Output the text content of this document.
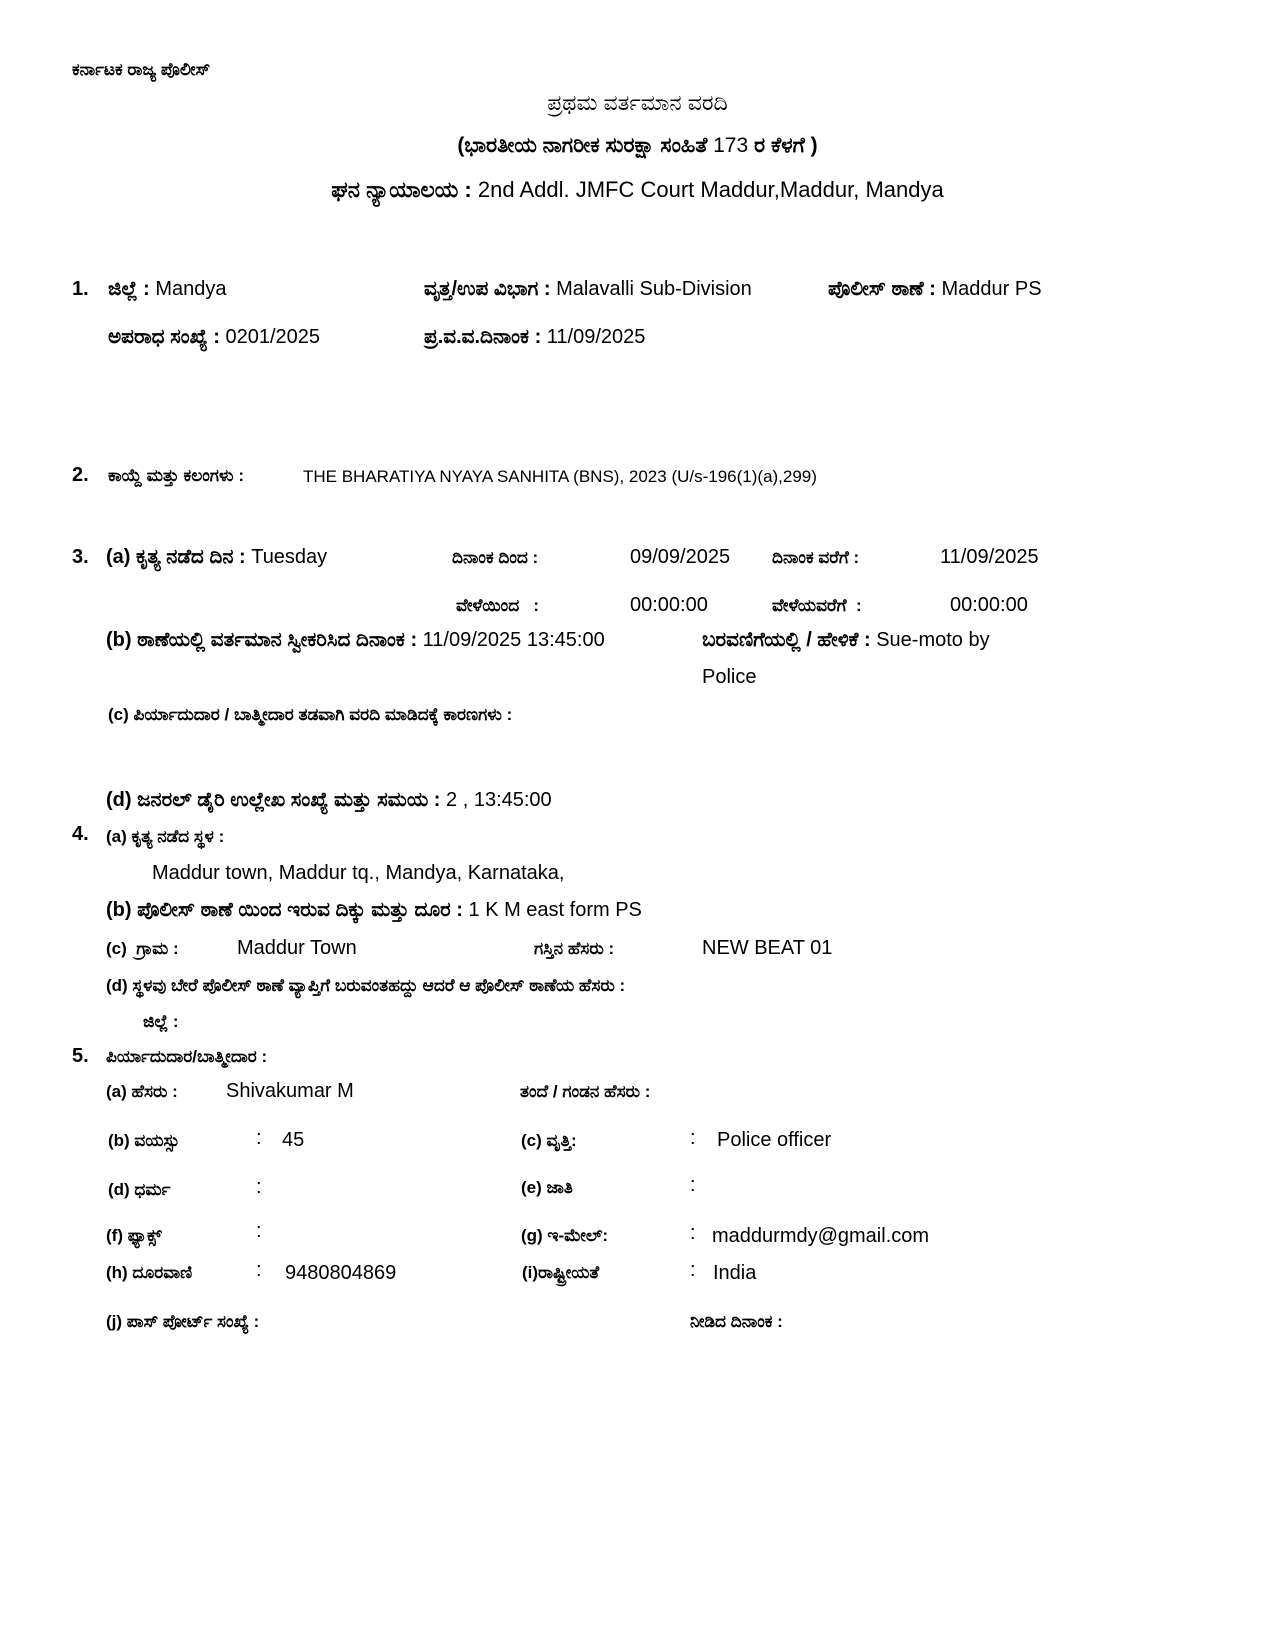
ಕರ್ನಾಟಕ ರಾಜ್ಯ ಪೊಲೀಸ್
ಪ್ರಥಮ ವರ್ತಮಾನ ವರದಿ
(ಭಾರತೀಯ ನಾಗರೀಕ ಸುರಕ್ಷಾ ಸಂಹಿತೆ 173 ರ ಕೆಳಗೆ )
ಘನ ನ್ಯಾಯಾಲಯ : 2nd Addl. JMFC Court Maddur,Maddur, Mandya
1. ಜಿಲ್ಲೆ : Mandya	ವೃತ್ತ/ಉಪ ವಿಭಾಗ : Malavalli Sub-Division	ಪೊಲೀಸ್ ಠಾಣೆ : Maddur PS
ಅಪರಾಧ ಸಂಖ್ಯೆ : 0201/2025	ಪ್ರ.ವ.ವ.ದಿನಾಂಕ : 11/09/2025
2. ಕಾಯ್ದೆ ಮತ್ತು ಕಲಂಗಳು :	THE BHARATIYA NYAYA SANHITA (BNS), 2023 (U/s-196(1)(a),299)
3. (a) ಕೃತ್ಯ ನಡೆದ ದಿನ : Tuesday	ದಿನಾಂಕ ದಿಂದ :	09/09/2025 ದಿನಾಂಕ ವರೆಗೆ :	11/09/2025
ವೇಳೆಯಿಂದ   :	00:00:00	ವೇಳೆಯವರೆಗೆ  :	00:00:00
(b) ಠಾಣೆಯಲ್ಲಿ ವರ್ತಮಾನ ಸ್ವೀಕರಿಸಿದ ದಿನಾಂಕ : 11/09/2025 13:45:00	ಬರವಣಿಗೆಯಲ್ಲಿ / ಹೇಳಿಕೆ : Sue-moto by
Police
(c) ಪಿರ್ಯಾದುದಾರ / ಬಾತ್ಮೀದಾರ ತಡವಾಗಿ ವರದಿ ಮಾಡಿದಕ್ಕೆ ಕಾರಣಗಳು :
(d) ಜನರಲ್ ಡೈರಿ ಉಲ್ಲೇಖ ಸಂಖ್ಯೆ ಮತ್ತು ಸಮಯ : 2 , 13:45:00
4. (a) ಕೃತ್ಯ ನಡೆದ ಸ್ಥಳ :
Maddur town, Maddur tq., Mandya, Karnataka,
(b) ಪೊಲೀಸ್ ಠಾಣೆ ಯಿಂದ ಇರುವ ದಿಕ್ಕು ಮತ್ತು ದೂರ : 1 K M east form PS
(c)  ಗ್ರಾಮ :	Maddur Town	ಗಸ್ತಿನ ಹೆಸರು :	NEW BEAT 01
(d) ಸ್ಥಳವು ಬೇರೆ ಪೊಲೀಸ್ ಠಾಣೆ ವ್ಯಾಪ್ತಿಗೆ ಬರುವಂತಹದ್ದು ಆದರೆ ಆ ಪೊಲೀಸ್ ಠಾಣೆಯ ಹೆಸರು :
ಜಿಲ್ಲೆ :
5. ಪಿರ್ಯಾದುದಾರ/ಬಾತ್ಮೀದಾರ :
(a) ಹೆಸರು : Shivakumar M	ತಂದೆ / ಗಂಡನ ಹೆಸರು :
(b) ವಯಸ್ಸು	: 45	(c) ವೃತ್ತಿ:	: Police officer
(d) ಧರ್ಮ	:	(e) ಜಾತಿ	:
(f) ಫ್ಯಾಕ್ಸ್	:	(g) ಇ-ಮೇಲ್:	: maddurmdy@gmail.com
(h) ದೂರವಾಣಿ	: 9480804869	(i)ರಾಷ್ಟ್ರೀಯತೆ	: India
(j) ಪಾಸ್ ಪೋರ್ಟ್ ಸಂಖ್ಯೆ :	ನೀಡಿದ ದಿನಾಂಕ :
